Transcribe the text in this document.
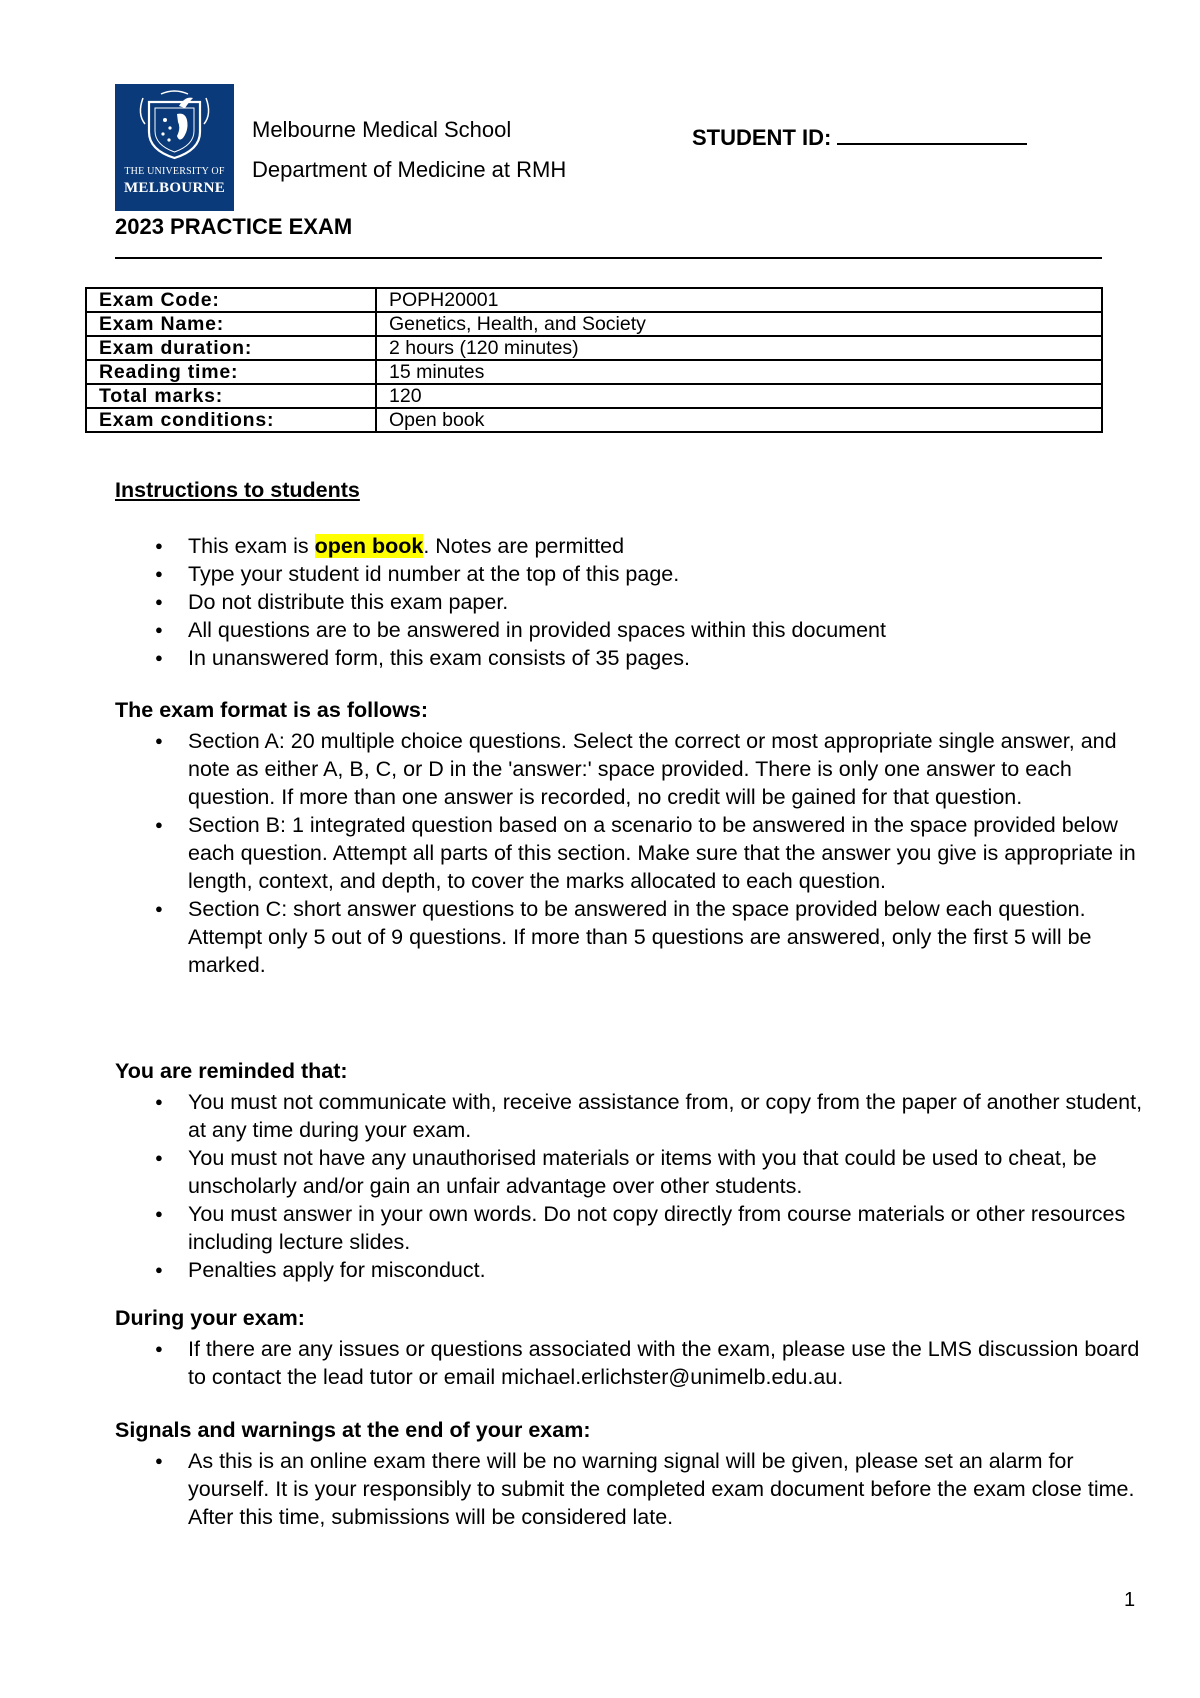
THE UNIVERSITY OF
MELBOURNE
Melbourne Medical School
Department of Medicine at RMH
STUDENT ID:
2023 PRACTICE EXAM
Exam Code:	POPH20001
Exam Name:	Genetics, Health, and Society
Exam duration:	2 hours (120 minutes)
Reading time:	15 minutes
Total marks:	120
Exam conditions:	Open book
Instructions to students
● This exam is open book. Notes are permitted
● Type your student id number at the top of this page.
● Do not distribute this exam paper.
● All questions are to be answered in provided spaces within this document
● In unanswered form, this exam consists of 35 pages.
The exam format is as follows:
● Section A: 20 multiple choice questions. Select the correct or most appropriate single answer, and note as either A, B, C, or D in the 'answer:' space provided. There is only one answer to each question. If more than one answer is recorded, no credit will be gained for that question.
● Section B: 1 integrated question based on a scenario to be answered in the space provided below each question. Attempt all parts of this section. Make sure that the answer you give is appropriate in length, context, and depth, to cover the marks allocated to each question.
● Section C: short answer questions to be answered in the space provided below each question. Attempt only 5 out of 9 questions. If more than 5 questions are answered, only the first 5 will be marked.
You are reminded that:
● You must not communicate with, receive assistance from, or copy from the paper of another student, at any time during your exam.
● You must not have any unauthorised materials or items with you that could be used to cheat, be unscholarly and/or gain an unfair advantage over other students.
● You must answer in your own words. Do not copy directly from course materials or other resources including lecture slides.
● Penalties apply for misconduct.
During your exam:
● If there are any issues or questions associated with the exam, please use the LMS discussion board to contact the lead tutor or email michael.erlichster@unimelb.edu.au.
Signals and warnings at the end of your exam:
● As this is an online exam there will be no warning signal will be given, please set an alarm for yourself. It is your responsibly to submit the completed exam document before the exam close time. After this time, submissions will be considered late.
1
